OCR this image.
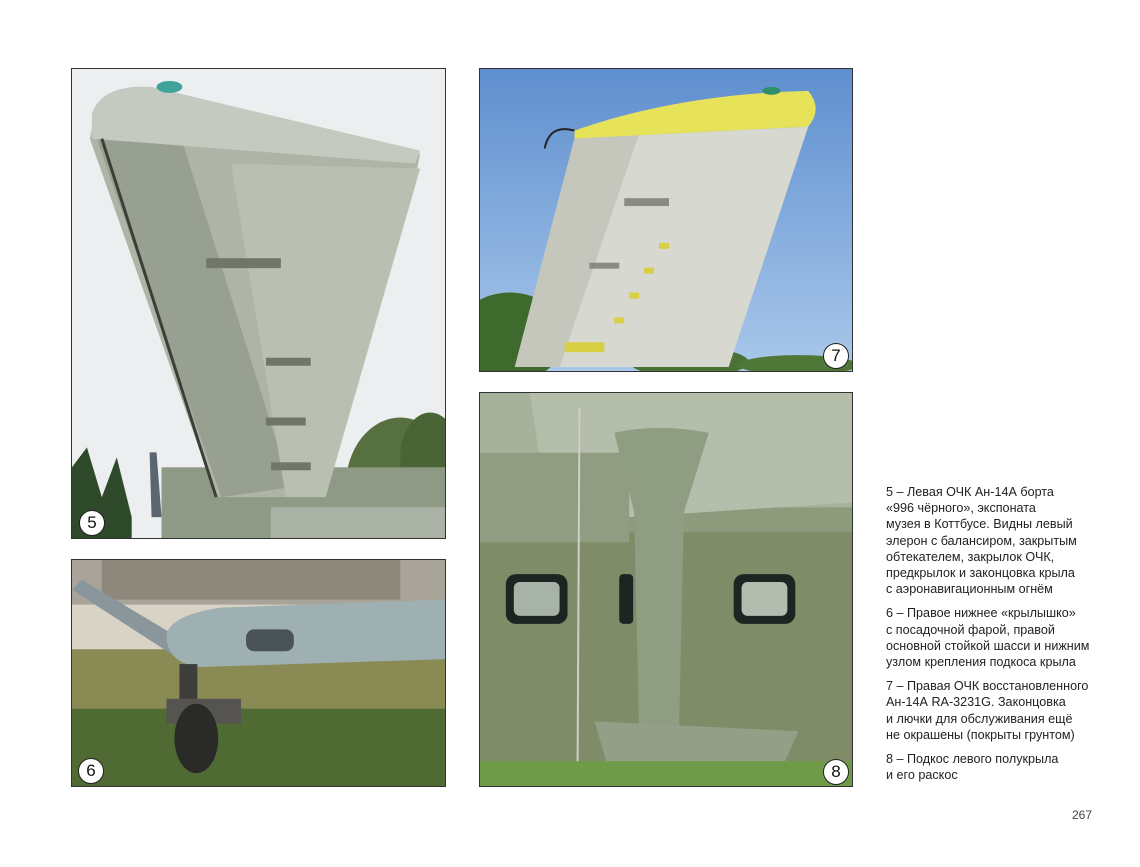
5
6
7
8

5 – Левая ОЧК Ан-14А борта
«996 чёрного», экспоната
музея в Коттбусе. Видны левый
элерон с балансиром, закрытым
обтекателем, закрылок ОЧК,
предкрылок и законцовка крыла
с аэронавигационным огнём

6 – Правое нижнее «крылышко»
с посадочной фарой, правой
основной стойкой шасси и нижним
узлом крепления подкоса крыла

7 – Правая ОЧК восстановленного
Ан-14А RA-3231G. Законцовка
и лючки для обслуживания ещё
не окрашены (покрыты грунтом)

8 – Подкос левого полукрыла
и его раскос

267
